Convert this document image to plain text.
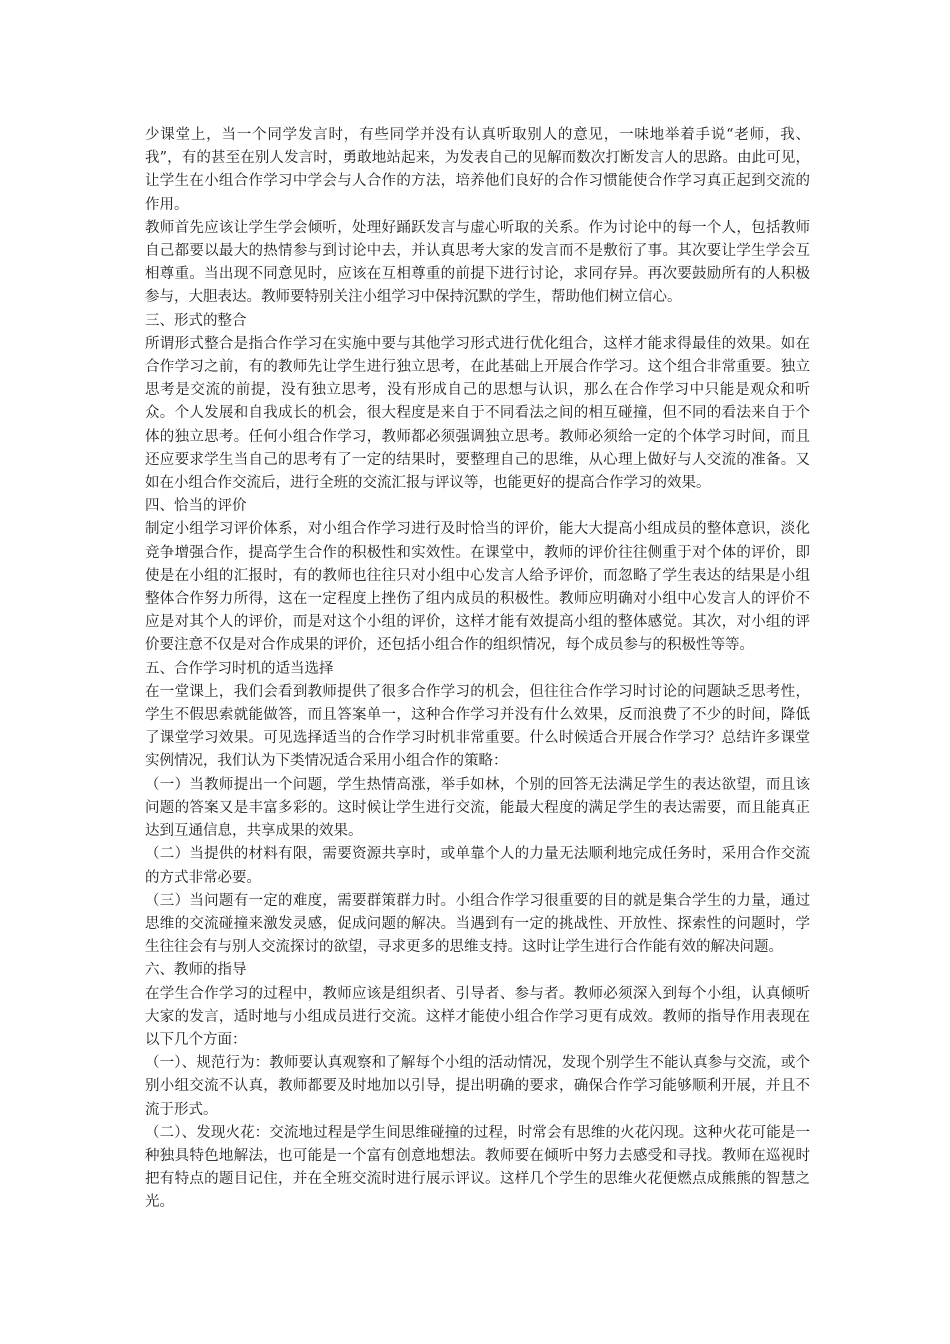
少课堂上，当一个同学发言时，有些同学并没有认真听取别人的意见，一味地举着手说“老师，我、我”，有的甚至在别人发言时，勇敢地站起来，为发表自己的见解而数次打断发言人的思路。由此可见，让学生在小组合作学习中学会与人合作的方法，培养他们良好的合作习惯能使合作学习真正起到交流的作用。

教师首先应该让学生学会倾听，处理好踊跃发言与虚心听取的关系。作为讨论中的每一个人，包括教师自己都要以最大的热情参与到讨论中去，并认真思考大家的发言而不是敷衍了事。其次要让学生学会互相尊重。当出现不同意见时，应该在互相尊重的前提下进行讨论，求同存异。再次要鼓励所有的人积极参与，大胆表达。教师要特别关注小组学习中保持沉默的学生，帮助他们树立信心。

三、形式的整合

所谓形式整合是指合作学习在实施中要与其他学习形式进行优化组合，这样才能求得最佳的效果。如在合作学习之前，有的教师先让学生进行独立思考，在此基础上开展合作学习。这个组合非常重要。独立思考是交流的前提，没有独立思考，没有形成自己的思想与认识，那么在合作学习中只能是观众和听众。个人发展和自我成长的机会，很大程度是来自于不同看法之间的相互碰撞，但不同的看法来自于个体的独立思考。任何小组合作学习，教师都必须强调独立思考。教师必须给一定的个体学习时间，而且还应要求学生当自己的思考有了一定的结果时，要整理自己的思维，从心理上做好与人交流的准备。又如在小组合作交流后，进行全班的交流汇报与评议等，也能更好的提高合作学习的效果。

四、恰当的评价

制定小组学习评价体系，对小组合作学习进行及时恰当的评价，能大大提高小组成员的整体意识，淡化竞争增强合作，提高学生合作的积极性和实效性。在课堂中，教师的评价往往侧重于对个体的评价，即使是在小组的汇报时，有的教师也往往只对小组中心发言人给予评价，而忽略了学生表达的结果是小组整体合作努力所得，这在一定程度上挫伤了组内成员的积极性。教师应明确对小组中心发言人的评价不应是对其个人的评价，而是对这个小组的评价，这样才能有效提高小组的整体感觉。其次，对小组的评价要注意不仅是对合作成果的评价，还包括小组合作的组织情况，每个成员参与的积极性等等。

五、合作学习时机的适当选择

在一堂课上，我们会看到教师提供了很多合作学习的机会，但往往合作学习时讨论的问题缺乏思考性，学生不假思索就能做答，而且答案单一，这种合作学习并没有什么效果，反而浪费了不少的时间，降低了课堂学习效果。可见选择适当的合作学习时机非常重要。什么时候适合开展合作学习？总结许多课堂实例情况，我们认为下类情况适合采用小组合作的策略：

（一）当教师提出一个问题，学生热情高涨，举手如林，个别的回答无法满足学生的表达欲望，而且该问题的答案又是丰富多彩的。这时候让学生进行交流，能最大程度的满足学生的表达需要，而且能真正达到互通信息，共享成果的效果。

（二）当提供的材料有限，需要资源共享时，或单靠个人的力量无法顺利地完成任务时，采用合作交流的方式非常必要。

（三）当问题有一定的难度，需要群策群力时。小组合作学习很重要的目的就是集合学生的力量，通过思维的交流碰撞来激发灵感，促成问题的解决。当遇到有一定的挑战性、开放性、探索性的问题时，学生往往会有与别人交流探讨的欲望，寻求更多的思维支持。这时让学生进行合作能有效的解决问题。

六、教师的指导

在学生合作学习的过程中，教师应该是组织者、引导者、参与者。教师必须深入到每个小组，认真倾听大家的发言，适时地与小组成员进行交流。这样才能使小组合作学习更有成效。教师的指导作用表现在以下几个方面：

（一）、规范行为：教师要认真观察和了解每个小组的活动情况，发现个别学生不能认真参与交流，或个别小组交流不认真，教师都要及时地加以引导，提出明确的要求，确保合作学习能够顺利开展，并且不流于形式。

（二）、发现火花：交流地过程是学生间思维碰撞的过程，时常会有思维的火花闪现。这种火花可能是一种独具特色地解法，也可能是一个富有创意地想法。教师要在倾听中努力去感受和寻找。教师在巡视时把有特点的题目记住，并在全班交流时进行展示评议。这样几个学生的思维火花便燃点成熊熊的智慧之光。
